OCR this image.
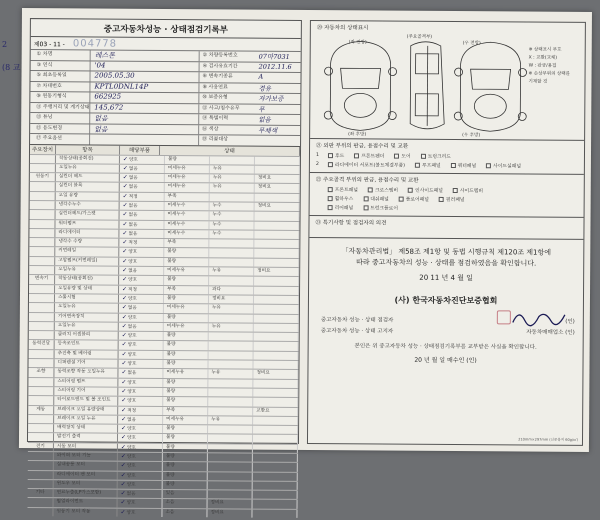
2
(8 교
중고자동차성능 · 상태점검기록부
제03 - 11 - 004778
① 차명	레스톤	② 차량등록번호	07마7031
③ 연식	'04	④ 검사유효기간	2012.11.6
⑤ 최초등록일	2005.05.30	⑥ 변속기종류	A
⑦ 차대번호	KPTL0DNL14P	⑧ 사용연료	경유
⑨ 원동기형식	662925	⑩ 보증유형	자가보증
⑪ 주행거리 및 계기상태 145,672	⑫ 사고/침수유무	무
⑬ 튜닝	없음	⑭ 특별이력	없음
⑮ 용도변경	없음	⑯ 색상	무채색
⑰ 주요옵션	⑱ 리콜대상
주요장치	항목	해당부품	상태
작동상태(공회전)	✓ 양호	불량
오일누유	✓ 없음	미세누유	누유
원동기	실린더 헤드	✓ 없음	미세누유	누유	정비요
실린더 블록	✓ 없음	미세누유	누유	정비요
오일 유량	✓ 적정	부족
냉각수누수	✓ 없음	미세누수	누수	정비요
실린더헤드/가스켓	✓ 없음	미세누수	누수
워터펌프	✓ 없음	미세누수	누수
라디에이터	✓ 없음	미세누수	누수
냉각수 수량	✓ 적정	부족
커먼레일	✓ 양호	불량
고압펌프(커먼레일)	✓ 양호	불량
오일누유	✓ 없음	미세누유	누유	정비요
변속기	작동상태(공회전)	✓ 양호	불량
오일유량 및 상태	✓ 적정	부족	과다
스톨시험	✓ 양호	불량	정비요
오일누유	✓ 없음	미세누유	누유
기어변속장치	✓ 양호	불량
오일누유	✓ 없음	미세누유	누유
클러치 어셈블리	✓ 양호	불량
동력전달	등속조인트	✓ 양호	불량
추진축 및 베어링	✓ 양호	불량
디퍼렌셜 기어	✓ 양호	불량
조향	동력조향 작동 오일누유	✓ 없음	미세누유	누유	정비요
스티어링 펌프	✓ 양호	불량
스티어링 기어	✓ 양호	불량
타이로드엔드 및 볼 조인트	✓ 양호	불량
제동	브레이크 오일 유량상태	✓ 적정	부족	교환요
브레이크 오일 누유	✓ 없음	미세누유	누유
배력장치 상태	✓ 양호	불량
발전기 출력	✓ 양호	불량
전기	시동 모터	✓ 양호	불량
와이퍼 모터 기능	✓ 양호	불량
실내송풍 모터	✓ 양호	불량
라디에이터 팬 모터	✓ 양호	불량
윈도우 모터	✓ 양호	불량
기타	연료누출(LP가스포함)	✓ 없음	있음
휠얼라이먼트	✓ 양호	소음	정비요
원동기 모터 작동	✓ 양호	소음	정비요
⑳ 자동차의 상태표시
(좌 전방)	(우 전방)
(주요골격부)
(좌 후방)	(우 후방)
※ 상태표시 부호
X : 교환(교체)
W : 판금/용접
※ 손상부위의 상태를
기재할 것
㉑ 외판 부위의 판금, 용접수리 및 교환
1	후드	프론트펜더	도어	트렁크리드
2	라디에이터 서포트(볼트체결부품)	루프패널	쿼터패널	사이드실패널
㉒ 주요골격 부위의 판금, 용접수리 및 교환
프론트패널	크로스멤버	인사이드패널	사이드멤버
휠하우스	대쉬패널	플로어패널	필러패널
리어패널	트렁크플로어
㉓ 특기사항 및 점검자의 의견
「자동차관리법」 제58조 제1항 및 동법 시행규칙 제120조 제1항에
따라 중고자동차의 성능 · 상태를 점검하였음을 확인합니다.
20 11 년 4 월 일
(사) 한국자동차진단보증협회
중고자동차 성능 · 상태 점검자	(인)
중고자동차 성능 · 상태 고지자	자동차매매업소 (인)
본인은 위 중고자동차 성능 · 상태점검기록부를 교부받은 사실을 확인합니다.
20 년 월 일 매수인 (인)
210mm×297mm (신문용지 60g/㎡)
